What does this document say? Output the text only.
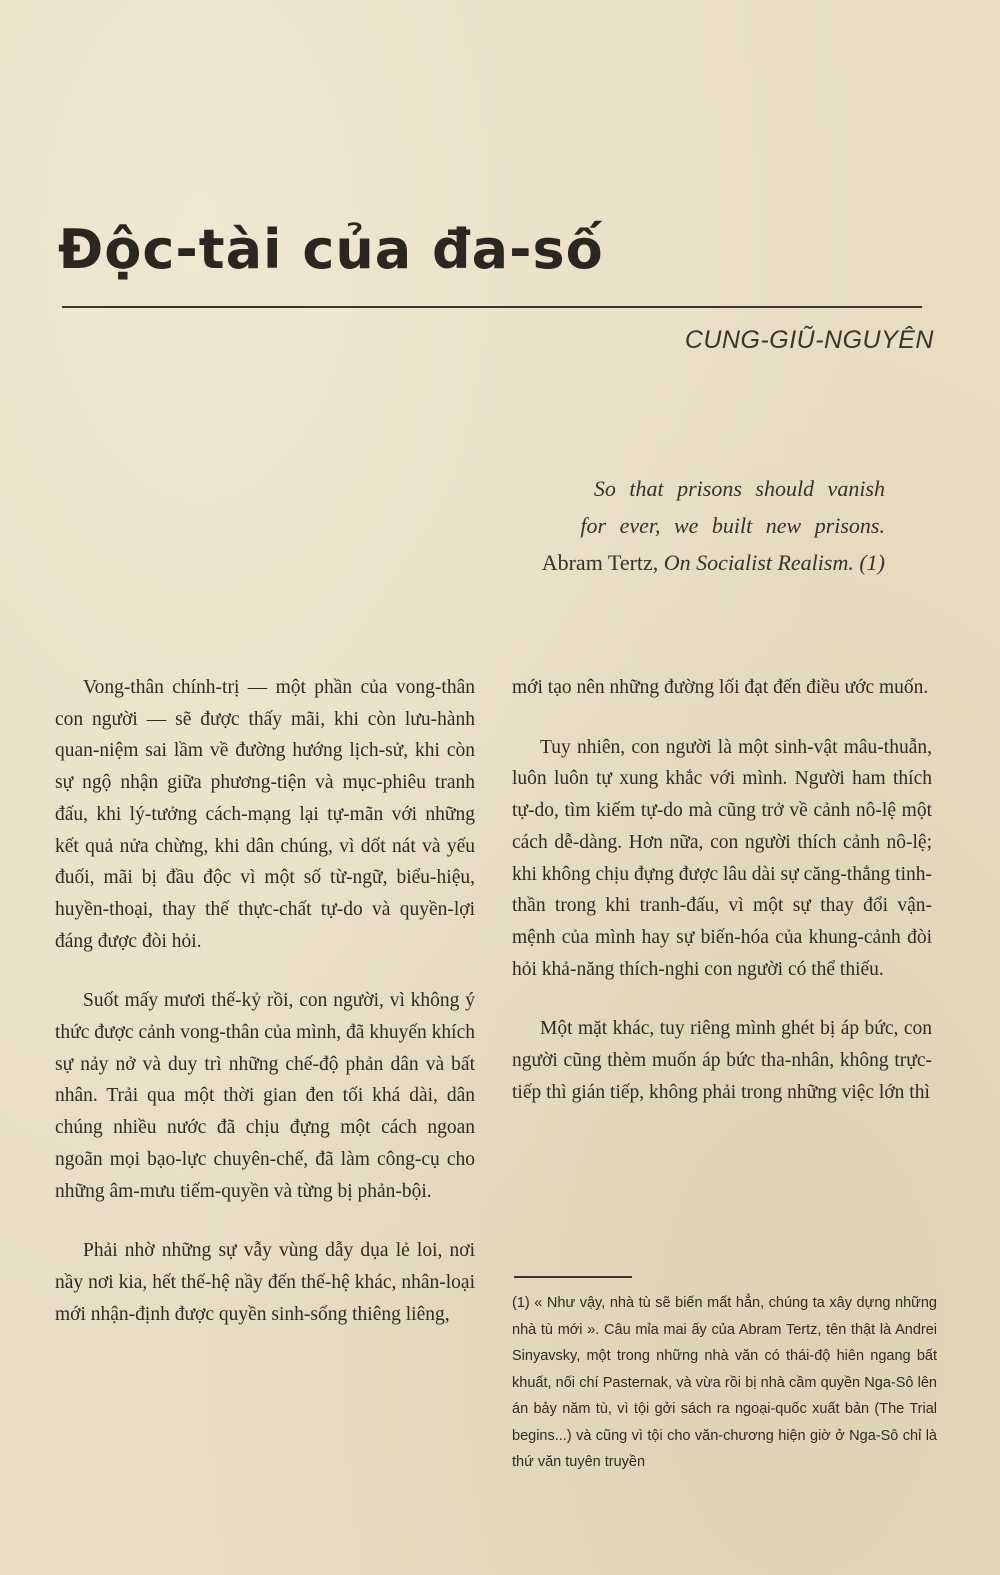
Độc-tài của đa-số
CUNG-GIŨ-NGUYÊN
So that prisons should vanish
for ever, we built new prisons.
Abram Tertz, On Socialist Realism. (1)

Vong-thân chính-trị — một phần của vong-thân con người — sẽ được thấy mãi, khi còn lưu-hành quan-niệm sai lầm về đường hướng lịch-sử, khi còn sự ngộ nhận giữa phương-tiện và mục-phiêu tranh đấu, khi lý-tưởng cách-mạng lại tự-mãn với những kết quả nửa chừng, khi dân chúng, vì dốt nát và yếu đuối, mãi bị đầu độc vì một số từ-ngữ, biểu-hiệu, huyền-thoại, thay thế thực-chất tự-do và quyền-lợi đáng được đòi hỏi.

Suốt mấy mươi thế-kỷ rồi, con người, vì không ý thức được cảnh vong-thân của mình, đã khuyến khích sự nảy nở và duy trì những chế-độ phản dân và bất nhân. Trải qua một thời gian đen tối khá dài, dân chúng nhiều nước đã chịu đựng một cách ngoan ngoãn mọi bạo-lực chuyên-chế, đã làm công-cụ cho những âm-mưu tiếm-quyền và từng bị phản-bội.

Phải nhờ những sự vẫy vùng dẫy dụa lẻ loi, nơi nầy nơi kia, hết thế-hệ nầy đến thế-hệ khác, nhân-loại mới nhận-định được quyền sinh-sống thiêng liêng,

mới tạo nên những đường lối đạt đến điều ước muốn.

Tuy nhiên, con người là một sinh-vật mâu-thuẫn, luôn luôn tự xung khắc với mình. Người ham thích tự-do, tìm kiếm tự-do mà cũng trở về cảnh nô-lệ một cách dễ-dàng. Hơn nữa, con người thích cảnh nô-lệ; khi không chịu đựng được lâu dài sự căng-thẳng tinh-thần trong khi tranh-đấu, vì một sự thay đổi vận-mệnh của mình hay sự biến-hóa của khung-cảnh đòi hỏi khả-năng thích-nghi con người có thể thiếu.

Một mặt khác, tuy riêng mình ghét bị áp bức, con người cũng thèm muốn áp bức tha-nhân, không trực-tiếp thì gián tiếp, không phải trong những việc lớn thì

(1) « Như vậy, nhà tù sẽ biến mất hẳn, chúng ta xây dựng những nhà tù mới ». Câu mỉa mai ấy của Abram Tertz, tên thật là Andrei Sinyavsky, một trong những nhà văn có thái-độ hiên ngang bất khuất, nối chí Pasternak, và vừa rồi bị nhà cầm quyền Nga-Sô lên án bảy năm tù, vì tội gởi sách ra ngoại-quốc xuất bản (The Trial begins...) và cũng vì tội cho văn-chương hiện giờ ở Nga-Sô chỉ là thứ văn tuyên truyền
